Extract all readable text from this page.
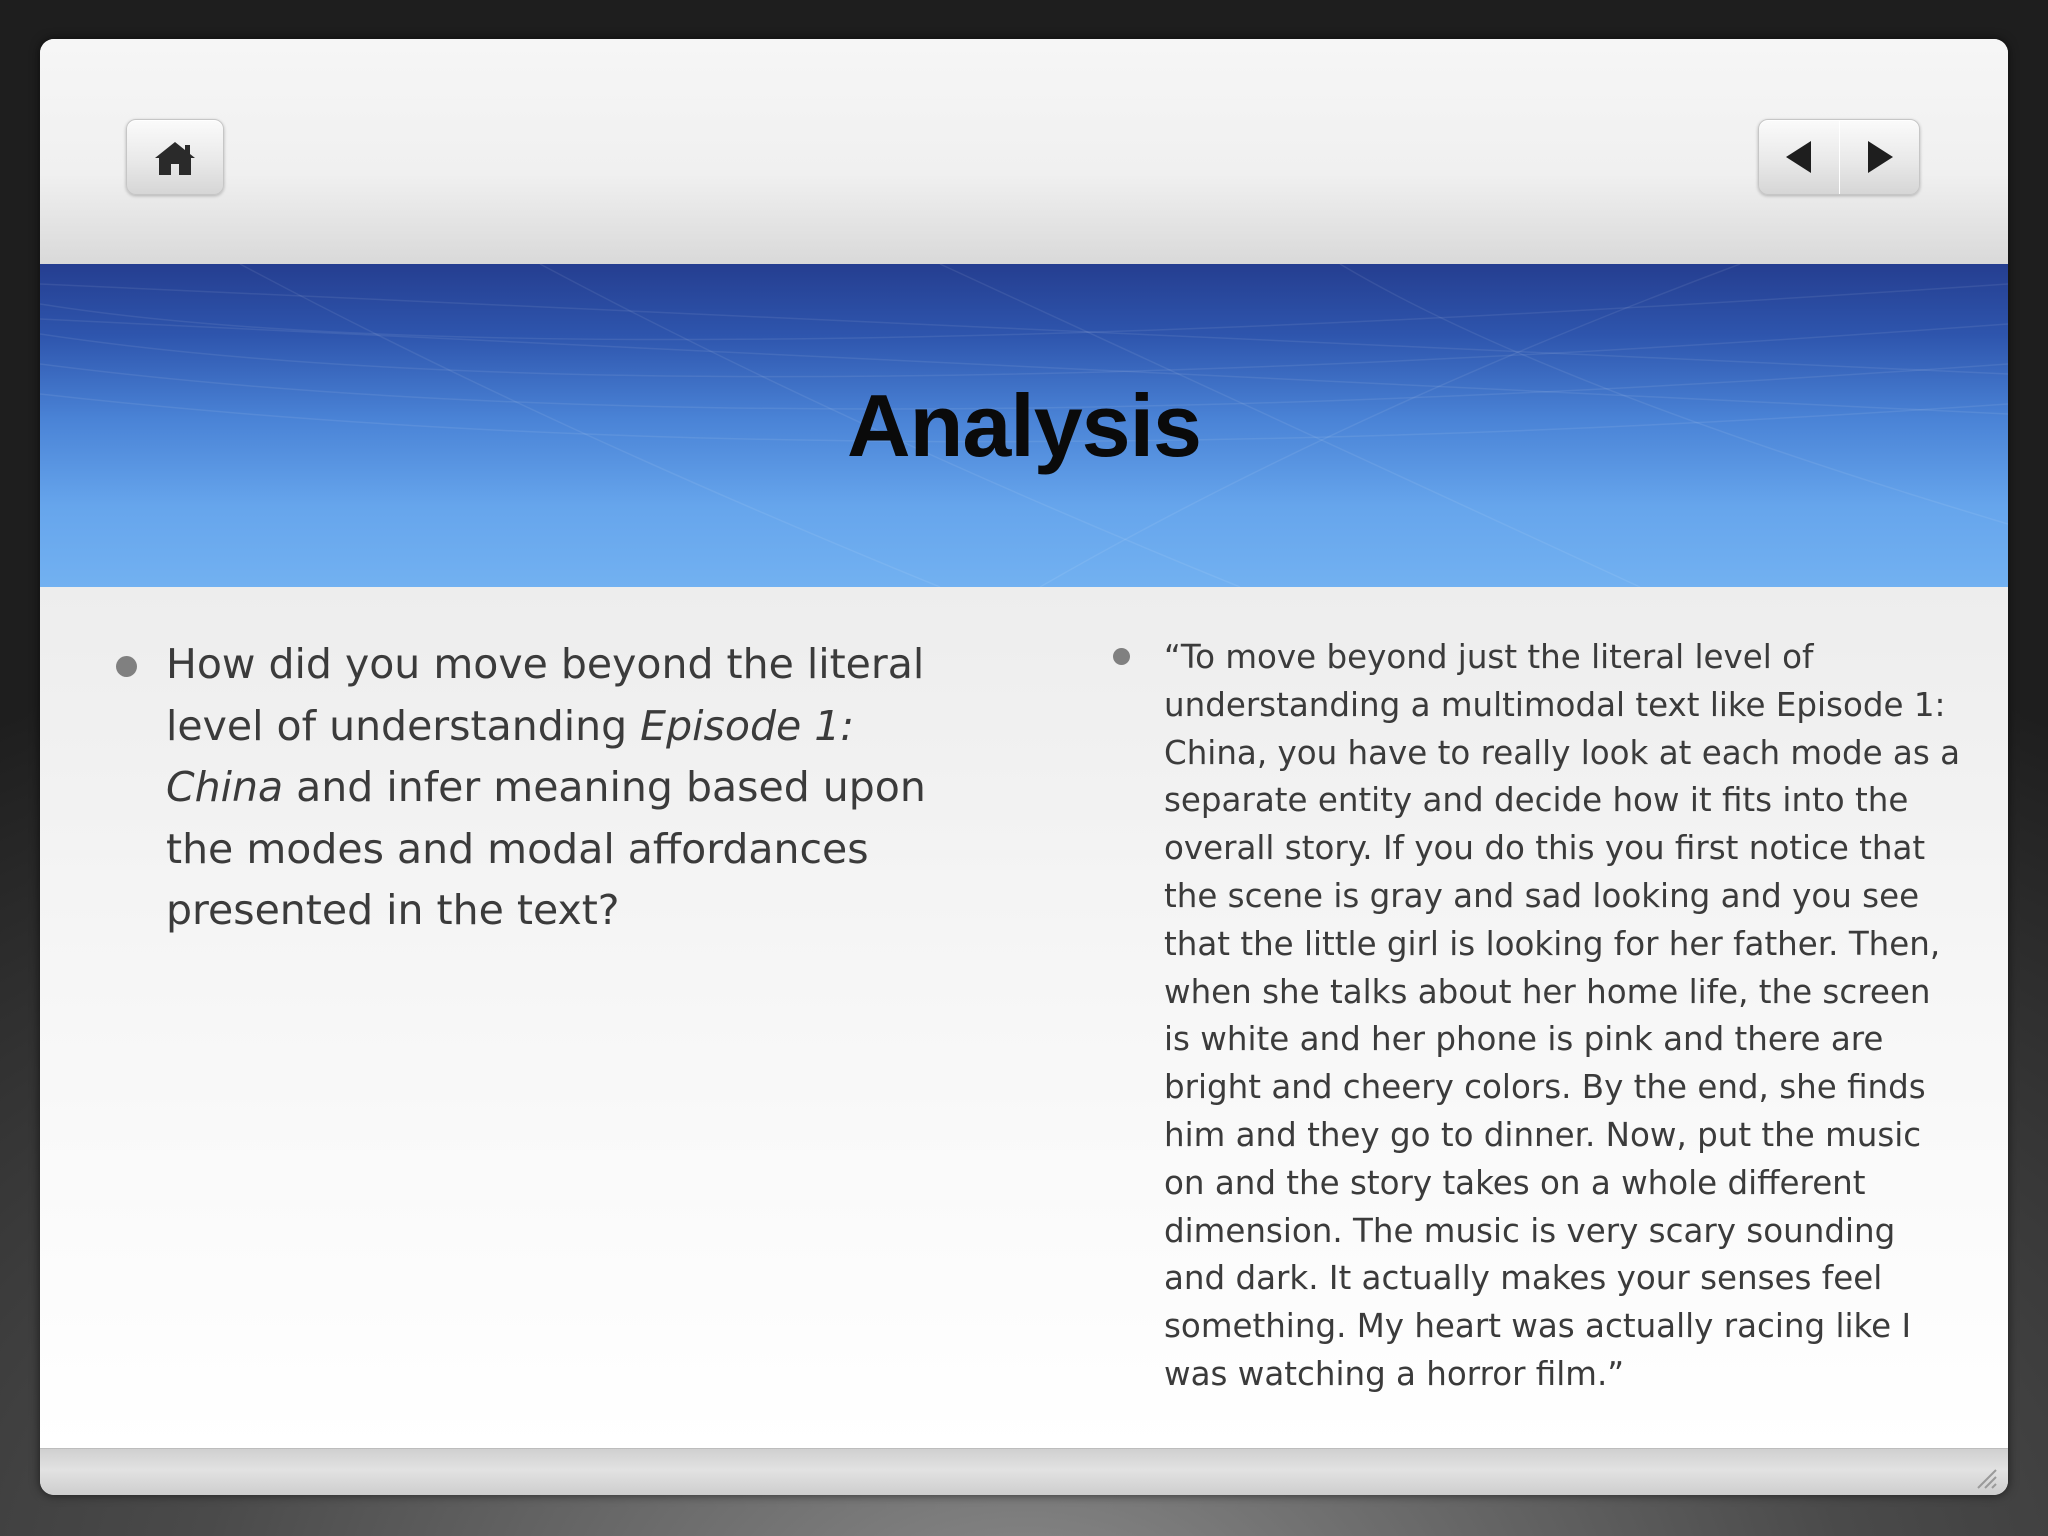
Analysis

How did you move beyond the literal level of understanding Episode 1: China and infer meaning based upon the modes and modal affordances presented in the text?

“To move beyond just the literal level of understanding a multimodal text like Episode 1: China, you have to really look at each mode as a separate entity and decide how it fits into the overall story. If you do this you first notice that the scene is gray and sad looking and you see that the little girl is looking for her father. Then, when she talks about her home life, the screen is white and her phone is pink and there are bright and cheery colors. By the end, she finds him and they go to dinner. Now, put the music on and the story takes on a whole different dimension. The music is very scary sounding and dark. It actually makes your senses feel something. My heart was actually racing like I was watching a horror film.”
